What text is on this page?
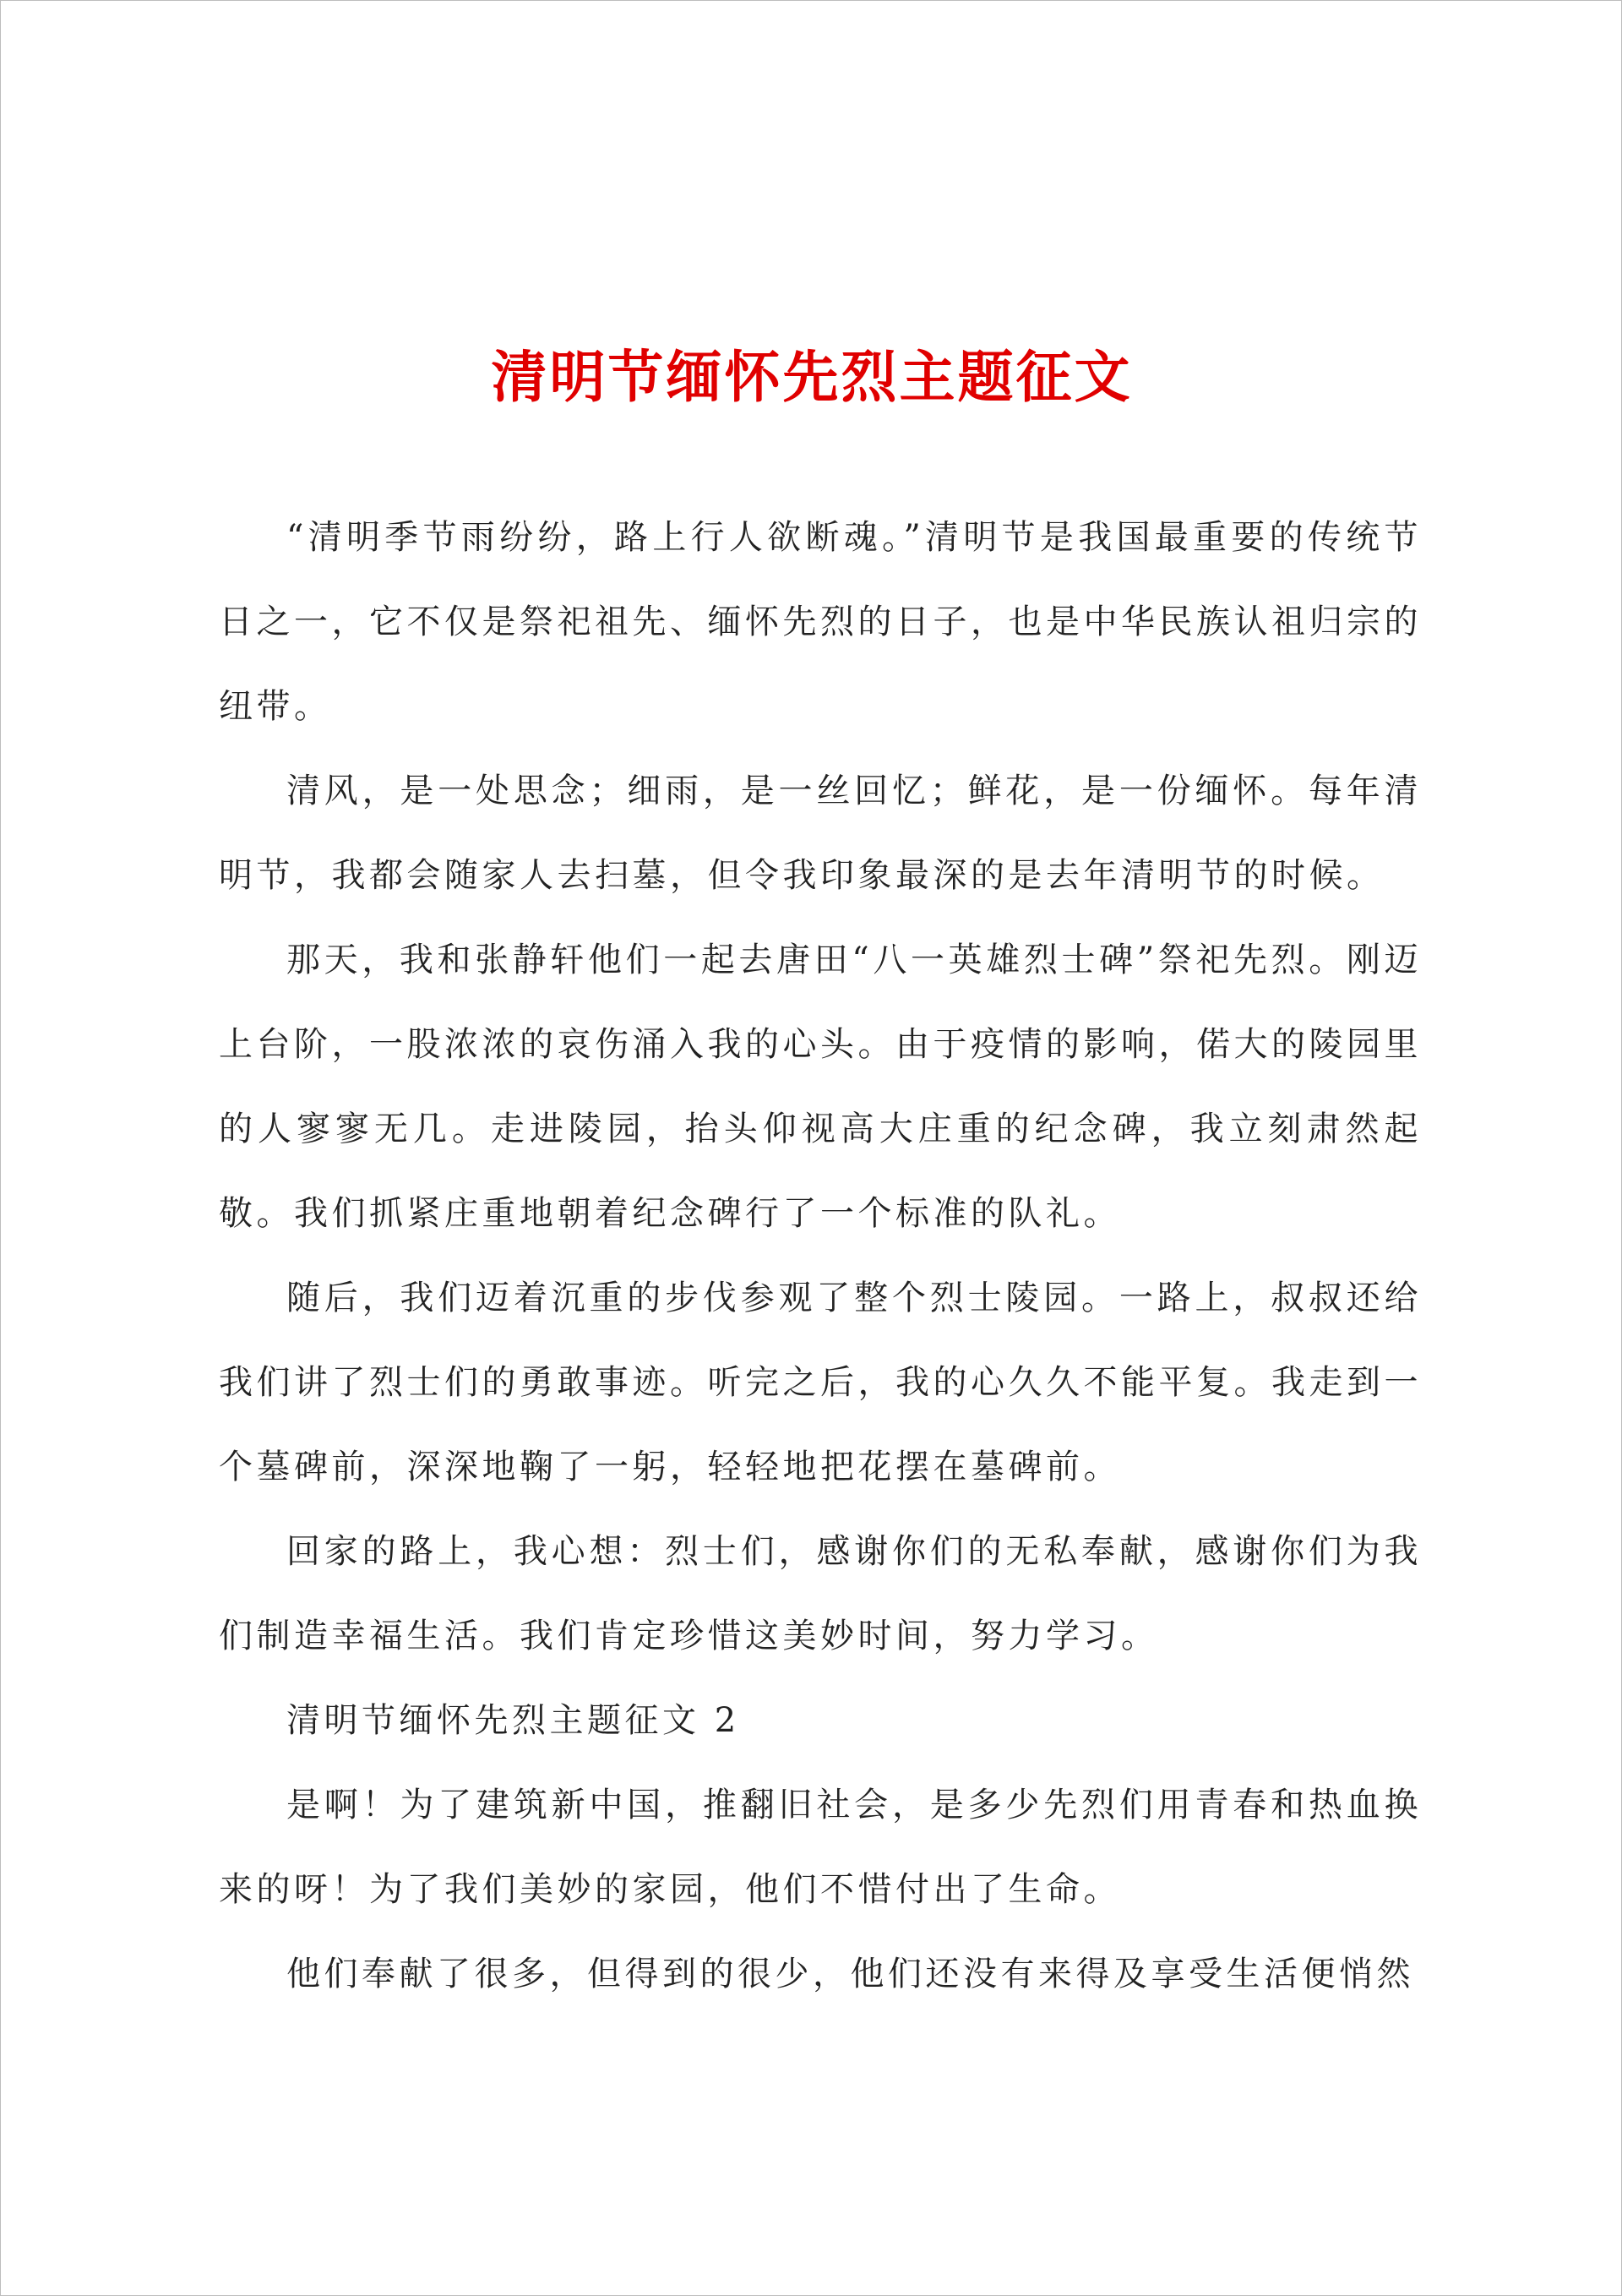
清明节缅怀先烈主题征文

“清明季节雨纷纷，路上行人欲断魂。”清明节是我国最重要的传统节日之一，它不仅是祭祀祖先、缅怀先烈的日子，也是中华民族认祖归宗的纽带。

清风，是一处思念；细雨，是一丝回忆；鲜花，是一份缅怀。每年清明节，我都会随家人去扫墓，但令我印象最深的是去年清明节的时候。

那天，我和张静轩他们一起去唐田“八一英雄烈士碑”祭祀先烈。刚迈上台阶，一股浓浓的哀伤涌入我的心头。由于疫情的影响，偌大的陵园里的人寥寥无几。走进陵园，抬头仰视高大庄重的纪念碑，我立刻肃然起敬。我们抓紧庄重地朝着纪念碑行了一个标准的队礼。

随后，我们迈着沉重的步伐参观了整个烈士陵园。一路上，叔叔还给我们讲了烈士们的勇敢事迹。听完之后，我的心久久不能平复。我走到一个墓碑前，深深地鞠了一躬，轻轻地把花摆在墓碑前。

回家的路上，我心想：烈士们，感谢你们的无私奉献，感谢你们为我们制造幸福生活。我们肯定珍惜这美妙时间，努力学习。

清明节缅怀先烈主题征文 2

是啊！为了建筑新中国，推翻旧社会，是多少先烈们用青春和热血换来的呀！为了我们美妙的家园，他们不惜付出了生命。

他们奉献了很多，但得到的很少，他们还没有来得及享受生活便悄然
